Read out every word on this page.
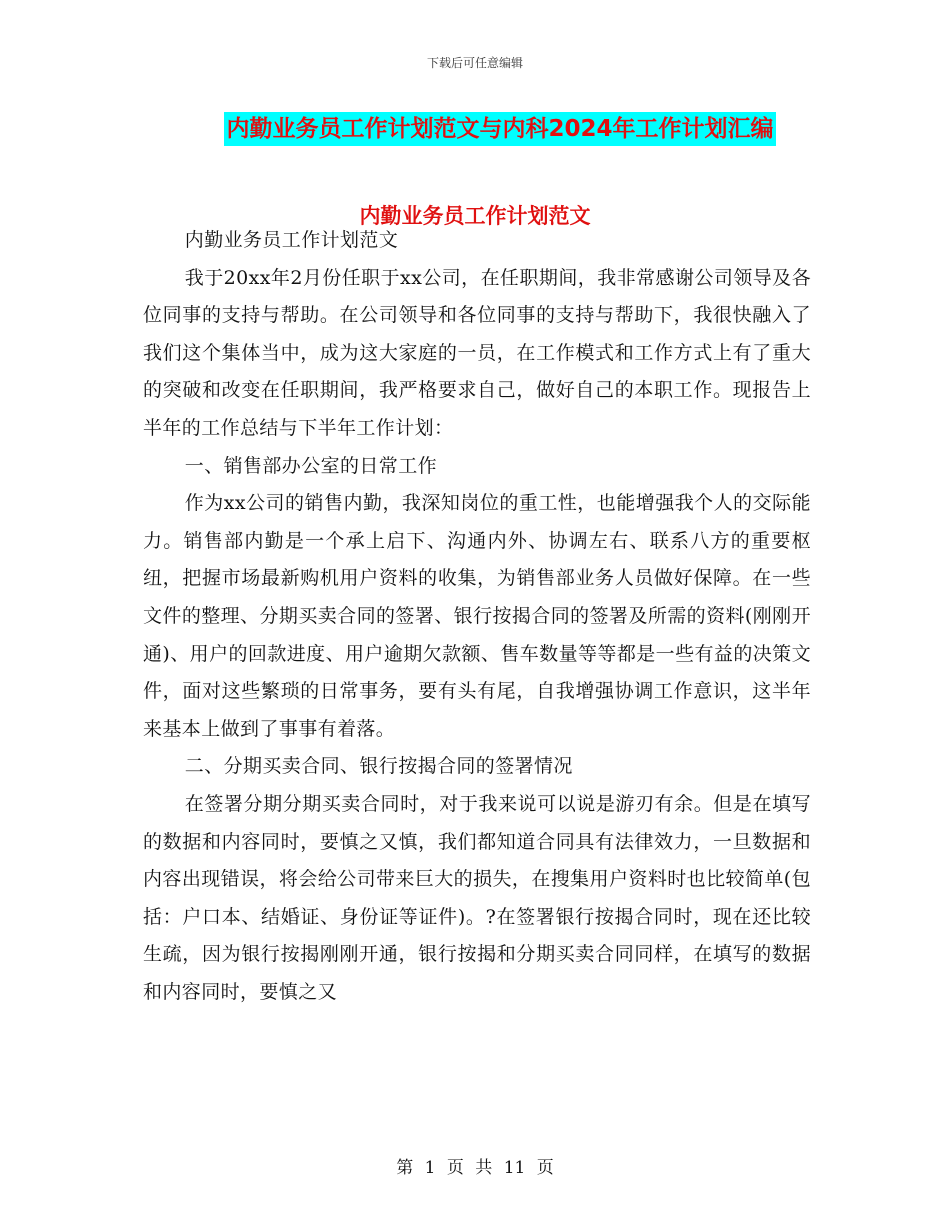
下载后可任意编辑
内勤业务员工作计划范文与内科2024年工作计划汇编
内勤业务员工作计划范文

内勤业务员工作计划范文

我于20xx年2月份任职于xx公司，在任职期间，我非常感谢公司领导及各位同事的支持与帮助。在公司领导和各位同事的支持与帮助下，我很快融入了我们这个集体当中，成为这大家庭的一员，在工作模式和工作方式上有了重大的突破和改变在任职期间，我严格要求自己，做好自己的本职工作。现报告上半年的工作总结与下半年工作计划：

一、销售部办公室的日常工作

作为xx公司的销售内勤，我深知岗位的重工性，也能增强我个人的交际能力。销售部内勤是一个承上启下、沟通内外、协调左右、联系八方的重要枢纽，把握市场最新购机用户资料的收集，为销售部业务人员做好保障。在一些文件的整理、分期买卖合同的签署、银行按揭合同的签署及所需的资料(刚刚开通)、用户的回款进度、用户逾期欠款额、售车数量等等都是一些有益的决策文件，面对这些繁琐的日常事务，要有头有尾，自我增强协调工作意识，这半年来基本上做到了事事有着落。

二、分期买卖合同、银行按揭合同的签署情况

在签署分期分期买卖合同时，对于我来说可以说是游刃有余。但是在填写的数据和内容同时，要慎之又慎，我们都知道合同具有法律效力，一旦数据和内容出现错误，将会给公司带来巨大的损失，在搜集用户资料时也比较简单(包括：户口本、结婚证、身份证等证件)。?在签署银行按揭合同时，现在还比较生疏，因为银行按揭刚刚开通，银行按揭和分期买卖合同同样，在填写的数据和内容同时，要慎之又

第 1 页 共 11 页
